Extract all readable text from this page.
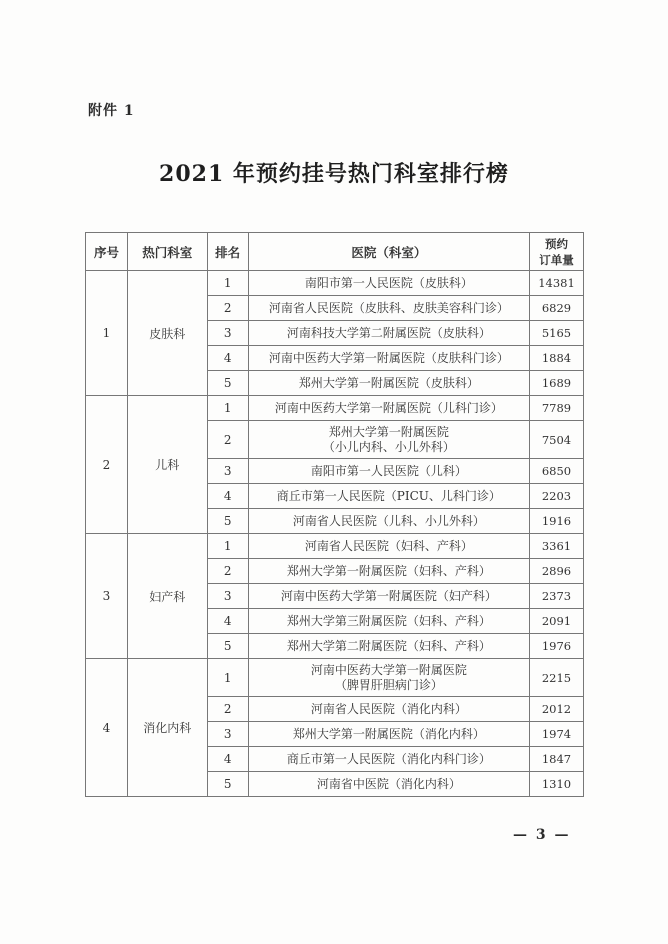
附件 1
2021 年预约挂号热门科室排行榜
序号	热门科室	排名	医院（科室）	预约
订单量

1	皮肤科	1	南阳市第一人民医院（皮肤科）	14381
		2	河南省人民医院（皮肤科、皮肤美容科门诊）	6829
		3	河南科技大学第二附属医院（皮肤科）	5165
		4	河南中医药大学第一附属医院（皮肤科门诊）	1884
		5	郑州大学第一附属医院（皮肤科）	1689
2	儿科	1	河南中医药大学第一附属医院（儿科门诊）	7789
		2	郑州大学第一附属医院
（小儿内科、小儿外科）	7504
		3	南阳市第一人民医院（儿科）	6850
		4	商丘市第一人民医院（PICU、儿科门诊）	2203
		5	河南省人民医院（儿科、小儿外科）	1916
3	妇产科	1	河南省人民医院（妇科、产科）	3361
		2	郑州大学第一附属医院（妇科、产科）	2896
		3	河南中医药大学第一附属医院（妇产科）	2373
		4	郑州大学第三附属医院（妇科、产科）	2091
		5	郑州大学第二附属医院（妇科、产科）	1976
4	消化内科	1	河南中医药大学第一附属医院
（脾胃肝胆病门诊）	2215
		2	河南省人民医院（消化内科）	2012
		3	郑州大学第一附属医院（消化内科）	1974
		4	商丘市第一人民医院（消化内科门诊）	1847
		5	河南省中医院（消化内科）	1310
— 3 —
